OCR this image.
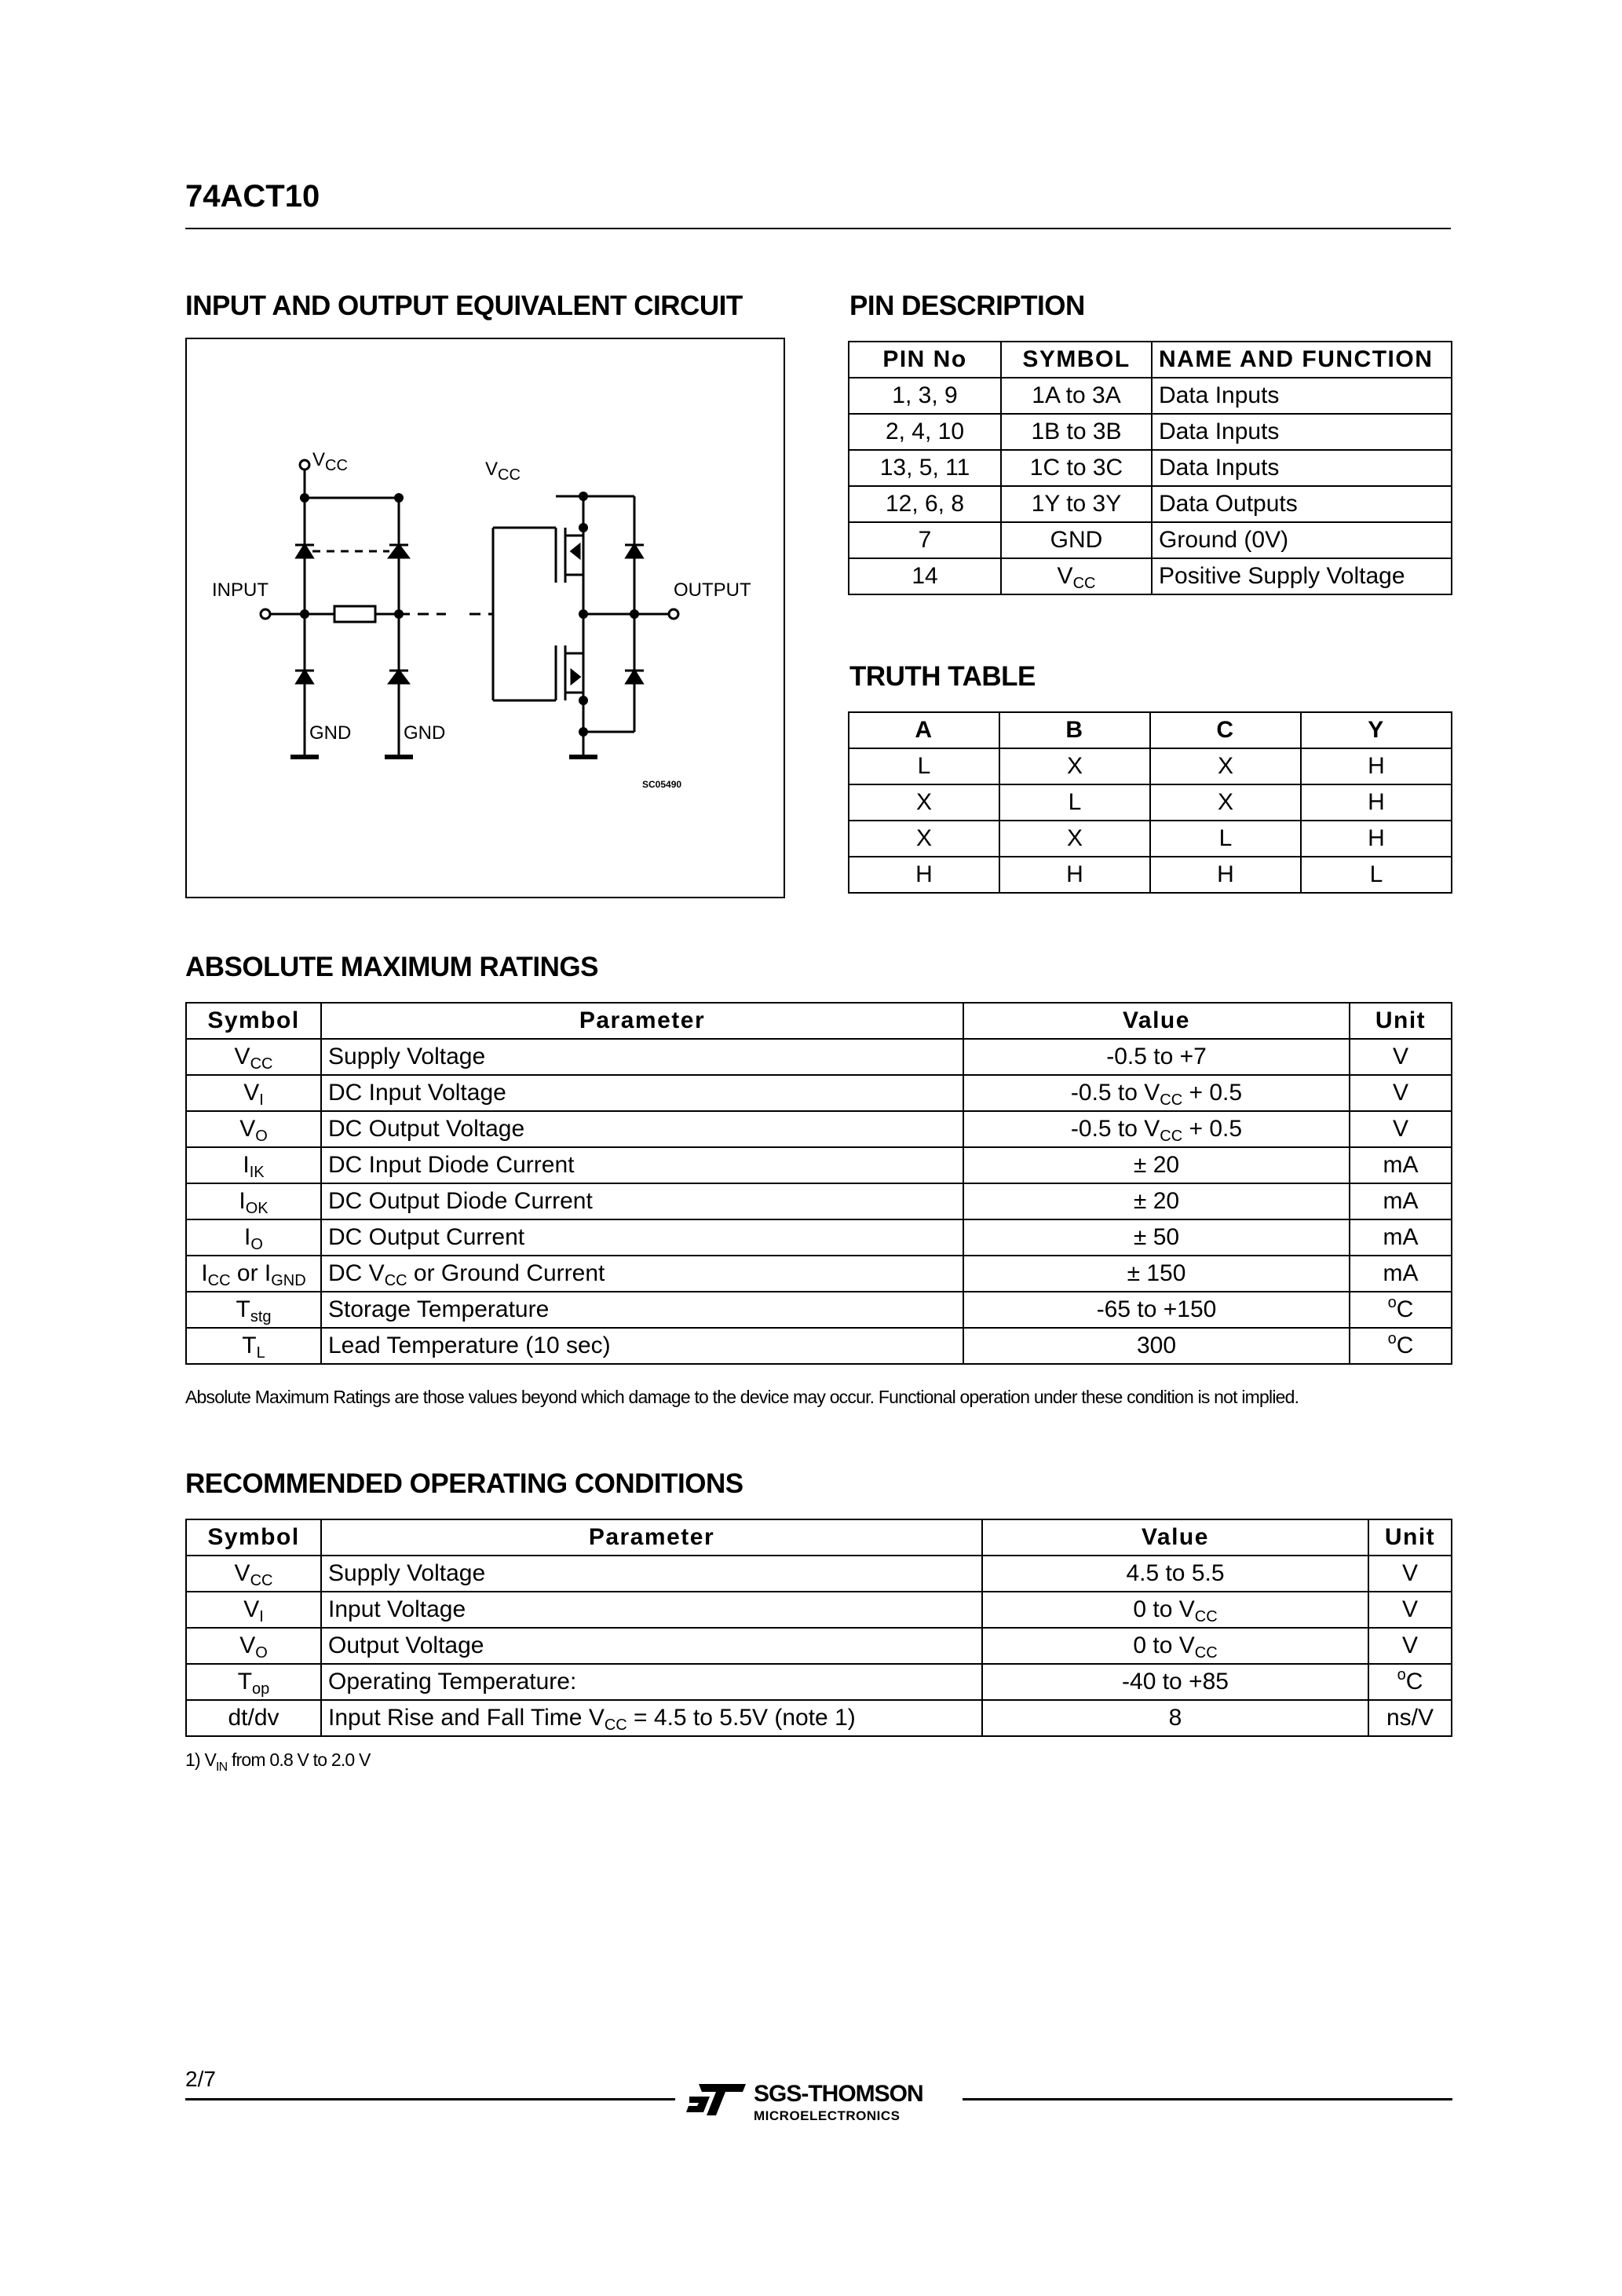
74ACT10
INPUT AND OUTPUT EQUIVALENT CIRCUIT	PIN DESCRIPTION
$V_{CC}$	$V_{CC}$
INPUT	OUTPUT
GND	GND
SC05490
PIN No	SYMBOL	NAME AND FUNCTION
1, 3, 9	1A to 3A	Data Inputs
2, 4, 10	1B to 3B	Data Inputs
13, 5, 11	1C to 3C	Data Inputs
12, 6, 8	1Y to 3Y	Data Outputs
7	GND	Ground (0V)
14	$V_{CC}$	Positive Supply Voltage
TRUTH TABLE
A	B	C	Y
L	X	X	H
X	L	X	H
X	X	L	H
H	H	H	L
ABSOLUTE MAXIMUM RATINGS
Symbol	Parameter	Value	Unit
$V_{CC}$	Supply Voltage	-0.5 to +7	V
$V_I$	DC Input Voltage	-0.5 to $V_{CC} + 0.5$	V
$V_O$	DC Output Voltage	-0.5 to $V_{CC} + 0.5$	V
$I_{IK}$	DC Input Diode Current	± 20	mA
$I_{OK}$	DC Output Diode Current	± 20	mA
$I_O$	DC Output Current	± 50	mA
$I_{CC}$ or $I_{GND}$	DC $V_{CC}$ or Ground Current	± 150	mA
$T_{stg}$	Storage Temperature	-65 to +150	$^o$C
$T_L$	Lead Temperature (10 sec)	300	$^o$C
Absolute Maximum Ratings are those values beyond which damage to the device may occur. Functional operation under these condition is not implied.
RECOMMENDED OPERATING CONDITIONS
Symbol	Parameter	Value	Unit
$V_{CC}$	Supply Voltage	4.5 to 5.5	V
$V_I$	Input Voltage	0 to $V_{CC}$	V
$V_O$	Output Voltage	0 to $V_{CC}$	V
$T_{op}$	Operating Temperature:	-40 to +85	$^o$C
dt/dv	Input Rise and Fall Time $V_{CC} = 4.5$ to 5.5V (note 1)	8	ns/V
1) $V_{IN}$ from 0.8 V to 2.0 V
2/7
SGS-THOMSON
MICROELECTRONICS
